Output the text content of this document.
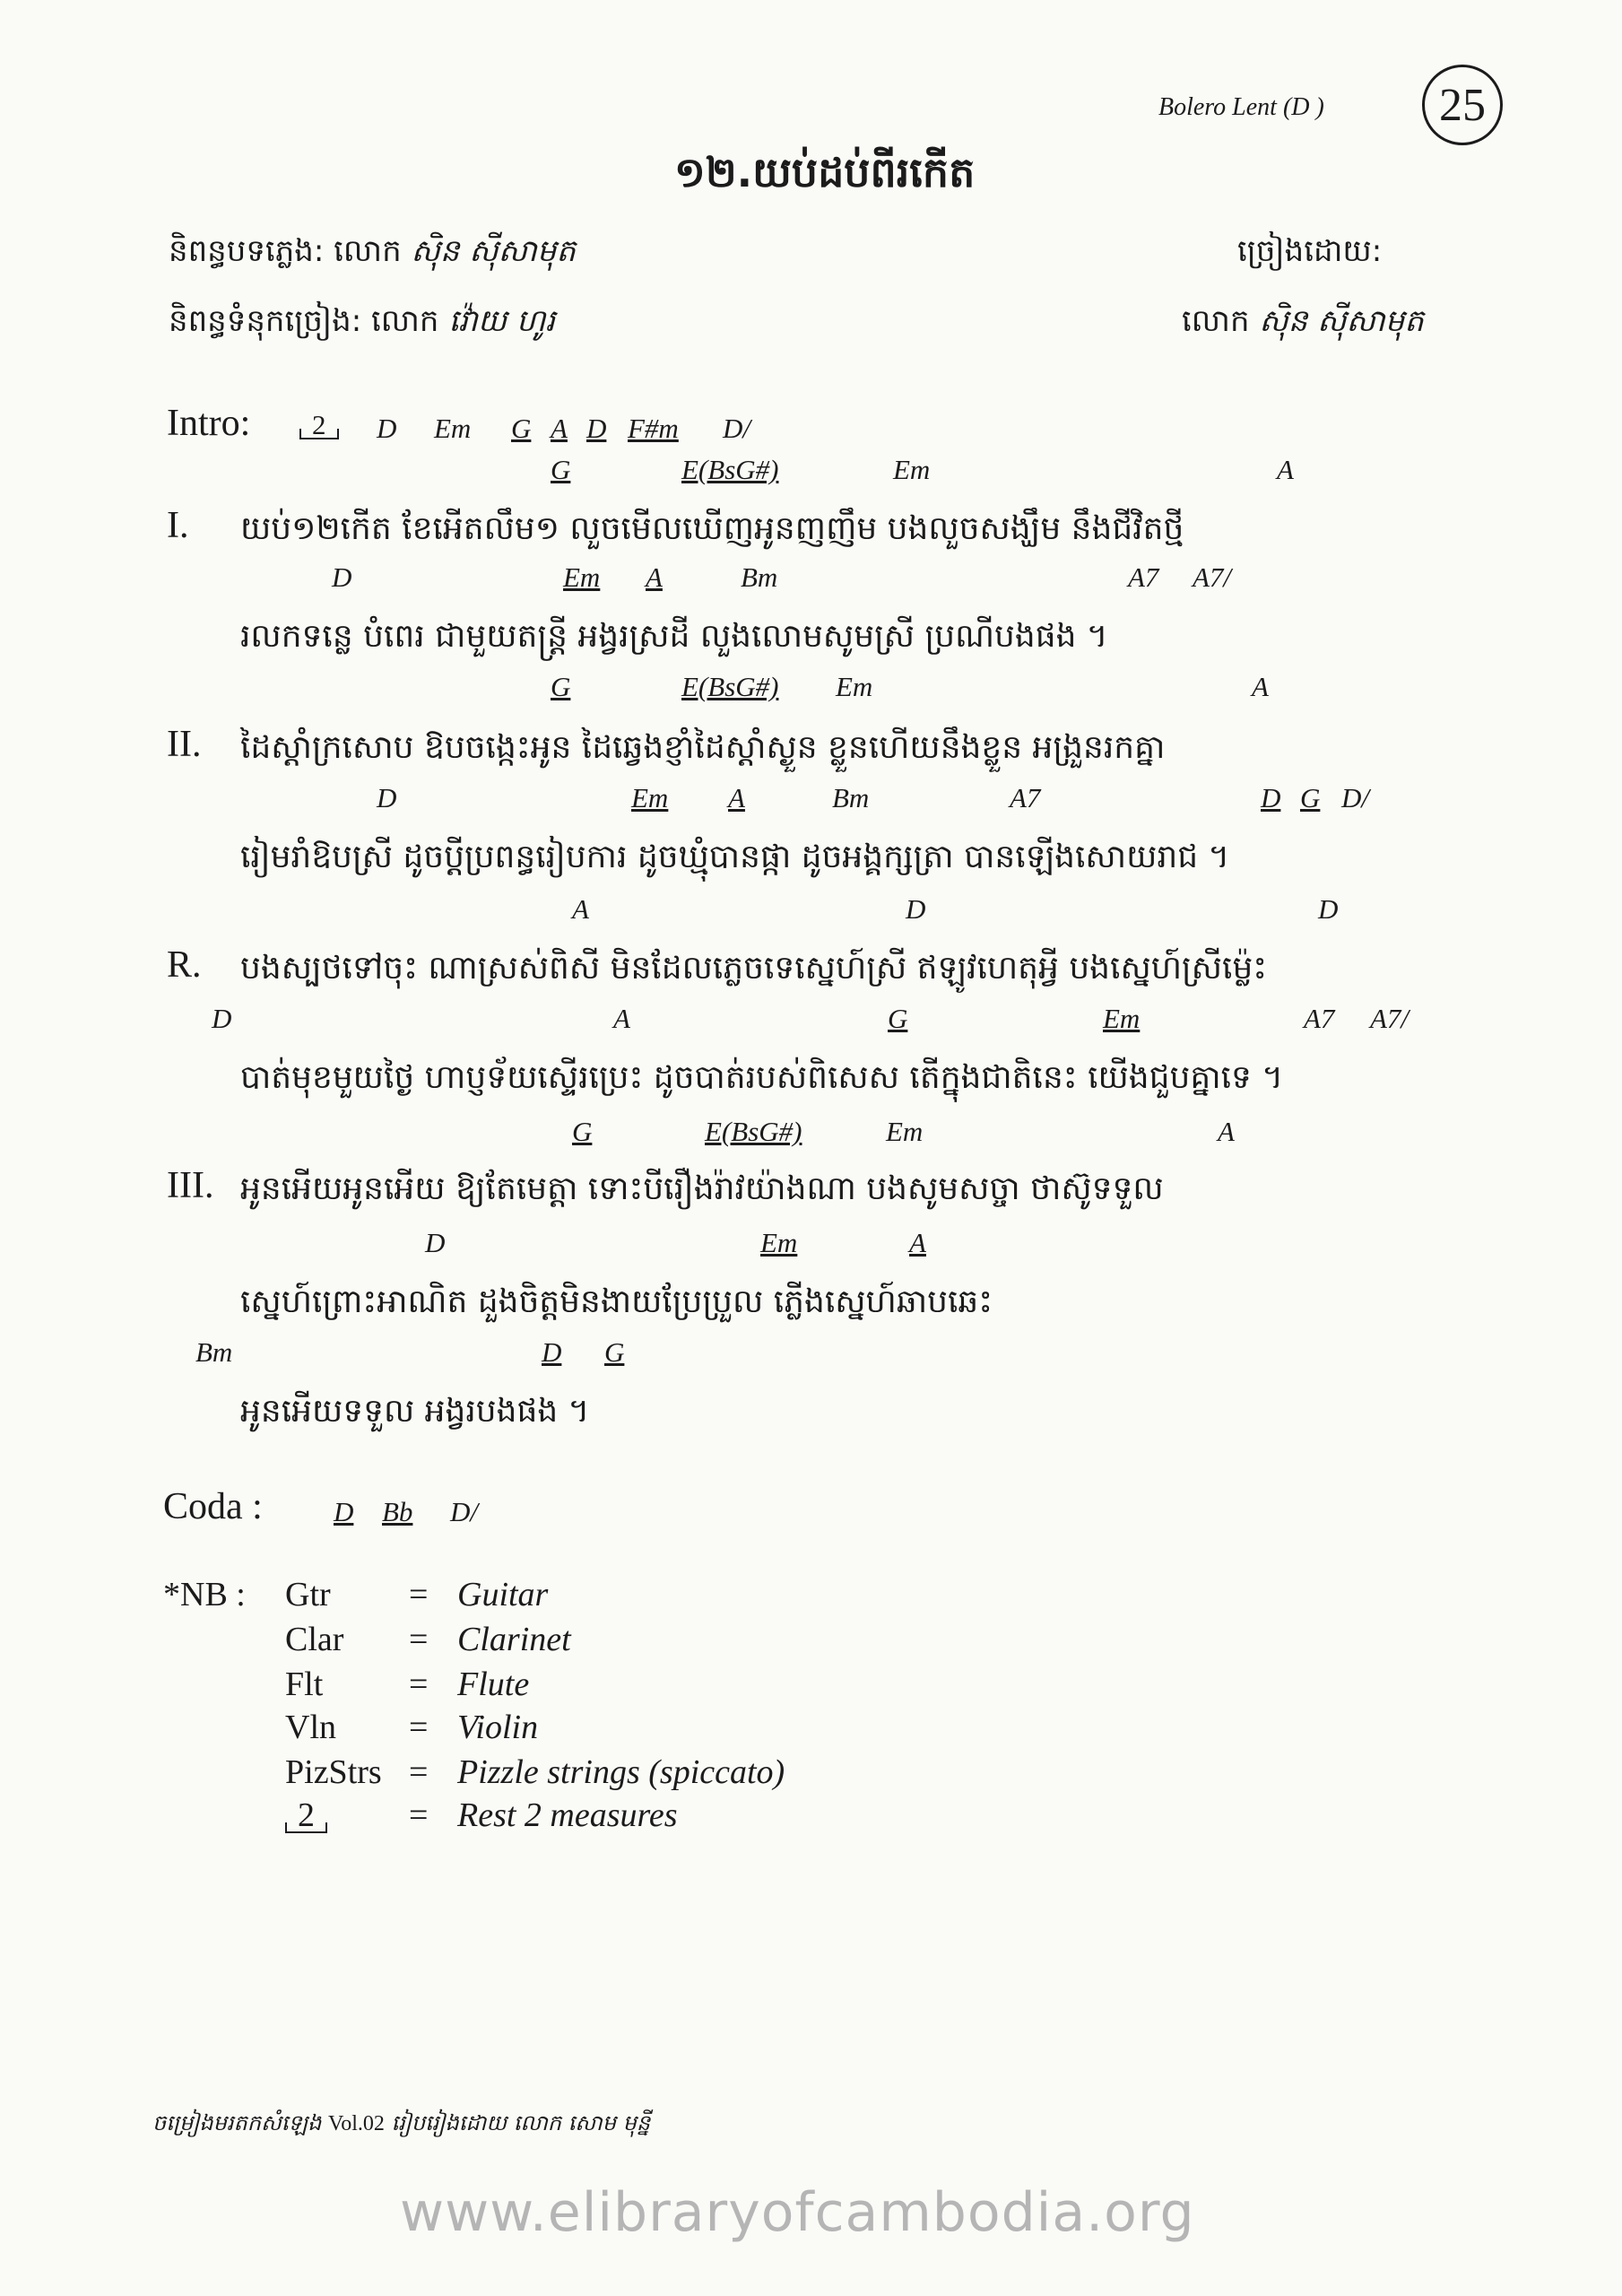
Bolero Lent (D ) 25
១២.យប់ដប់ពីរកើត
និពន្ធបទភ្លេង: លោក ស៊ិន ស៊ីសាមុត
និពន្ធទំនុកច្រៀង: លោក វ៉ោយ ហូរ
ច្រៀងដោយ:
លោក ស៊ិន ស៊ីសាមុត
Intro:	2	D Em G A D F#m D/
G	E(BsG#)	Em	A
I. យប់១២កើត ខែអើតលឹម១ លួចមើលឃើញអូនញញឹម បងលួចសង្ឃឹម នឹងជីវិតថ្មី
D	Em A	Bm	A7 A7/
រលកទន្លេ បំពេរ ជាមួយតន្ត្រី អង្វរស្រដី លួងលោមសូមស្រី ប្រណីបងផង ។
G	E(BsG#) Em	A
II. ដៃស្ដាំក្រសោប ឱបចង្កេះអូន ដៃឆ្វេងខ្ញាំដៃស្ដាំស្ងួន ខ្លួនហើយនឹងខ្លួន អង្រួនរកគ្នា
D	Em A	Bm	A7	D G D/
រៀមរាំឱបស្រី ដូចប្ដីប្រពន្ធរៀបការ ដូចឃ្មុំបានផ្កា ដូចអង្គក្សត្រា បានឡើងសោយរាជ ។
A	D	D
R. បងស្បថទៅចុះ ណាស្រស់ពិសី មិនដែលភ្លេចទេស្នេហ៍ស្រី ឥឡូវហេតុអ្វី បងស្នេហ៍ស្រីម្ល៉េះ
D	A	G	Em	A7 A7/
បាត់មុខមួយថ្ងៃ ហាប្ញទ័យស្ទើរប្រេះ ដូចបាត់របស់ពិសេស តើក្នុងជាតិនេះ យើងជួបគ្នាទេ ។
G	E(BsG#)	Em	A
III. អូនអើយអូនអើយ ឱ្យតែមេត្តា ទោះបីរឿងរ៉ាវយ៉ាងណា បងសូមសច្ចា ថាស៊ូទទួល
D	Em	A
ស្នេហ៍ព្រោះអាណិត ដួងចិត្តមិនងាយប្រែប្រួល ភ្លើងស្នេហ៍ឆាបឆេះ
Bm	D G
អូនអើយទទួល អង្វរបងផង ។
Coda :	D Bb D/
*NB : Gtr = Guitar
Clar = Clarinet
Flt	= Flute
Vln = Violin
PizStrs = Pizzle strings (spiccato)
2	= Rest 2 measures
ចម្រៀងមរតកសំឡេង Vol.02 រៀបរៀងដោយ លោក សោម មុន្នី
www.elibraryofcambodia.org
